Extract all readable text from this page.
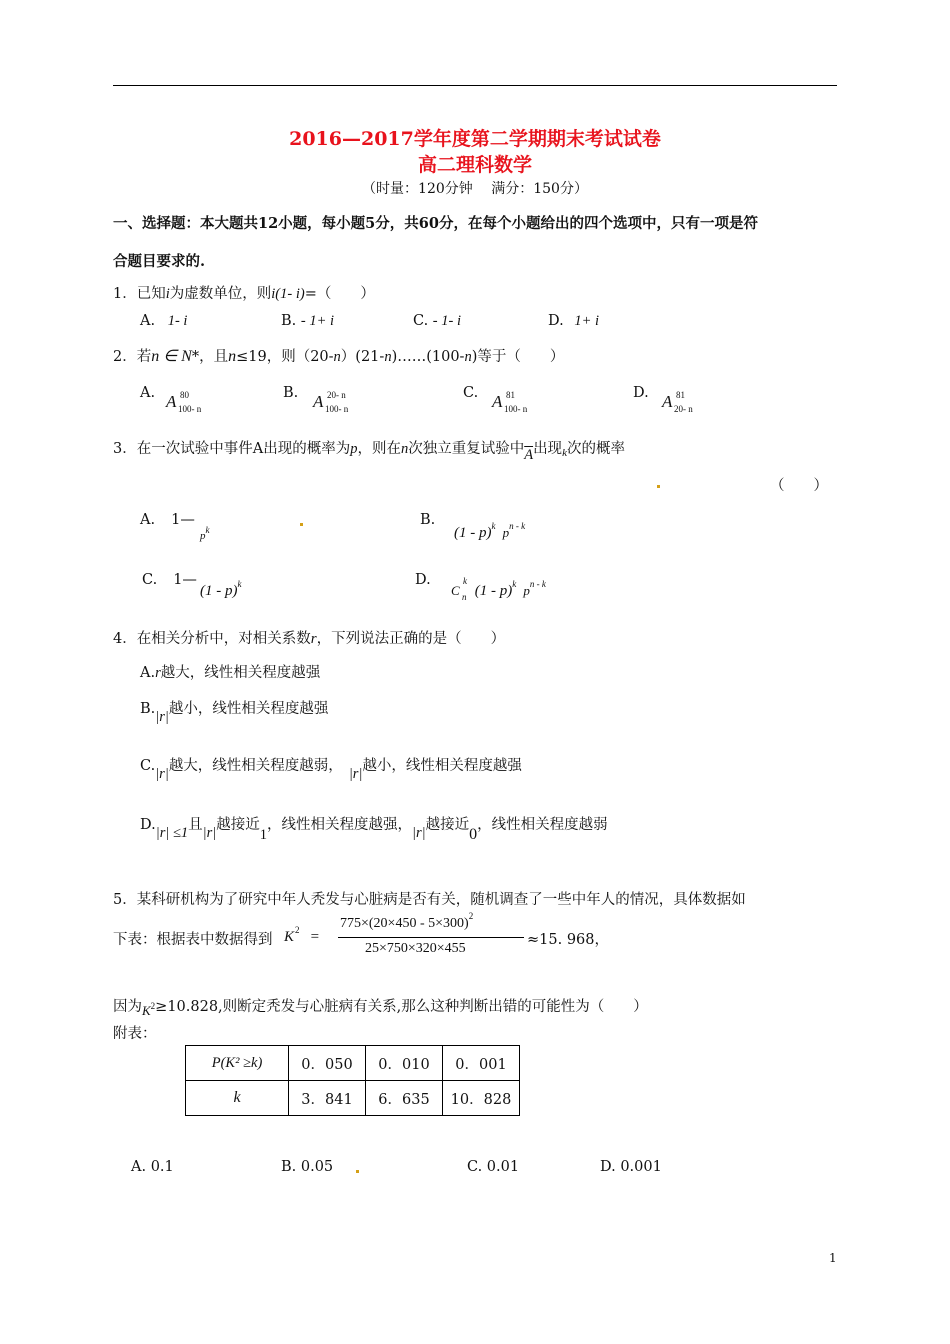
2016—2017学年度第二学期期末考试试卷
高二理科数学
（时量：120分钟　 满分：150分）
一、选择题：本大题共12小题，每小题5分，共60分，在每个小题给出的四个选项中，只有一项是符
合题目要求的.
1．已知i为虚数单位，则i(1- i)=（　　）
A. 1- i	B. - 1+ i	C. - 1- i	D. 1+ i
2．若n ∈ N*，且n≤19，则（20-n）(21-n)……(100-n)等于（　　）
A. A 80
100- n
B. A 20- n
100- n
C. A 81
100- n
D. A 81
20- n
3．在一次试验中事件A出现的概率为p，则在n次独立重复试验中$\overline{A}$出现$_k$次的概率
（　　）
A. 1—
$p^k$
B.
(1 - p)$^k$ $p^{n - k}$
C. 1—
(1 - p)$^k$	D.
C
k
n (1 - p)$^k$ $p^{n - k}$
4．在相关分析中，对相关系数r，下列说法正确的是（　　）
A.r越大，线性相关程度越强
B.|r|越小，线性相关程度越强
C.|r|越大，线性相关程度越弱， |r|越小，线性相关程度越强
D.|r| ≤1且|r|越接近1，线性相关程度越强，|r|越接近0，线性相关程度越弱
5．某科研机构为了研究中年人秃发与心脏病是否有关，随机调查了一些中年人的情况，具体数据如
下表：根据表中数据得到 $K^2$ =
$775\times(20\times 450 - 5\times 300)^2$
25×750×320×455
≈15. 968，
因为K2≥10.828,则断定秃发与心脏病有关系,那么这种判断出错的可能性为（　　）
附表：
P(K² ≥k)	0．050	0．010	0．001
k	3．841	6．635	10．828
A. 0.1	B. 0.05	C. 0.01	D. 0.001
1
